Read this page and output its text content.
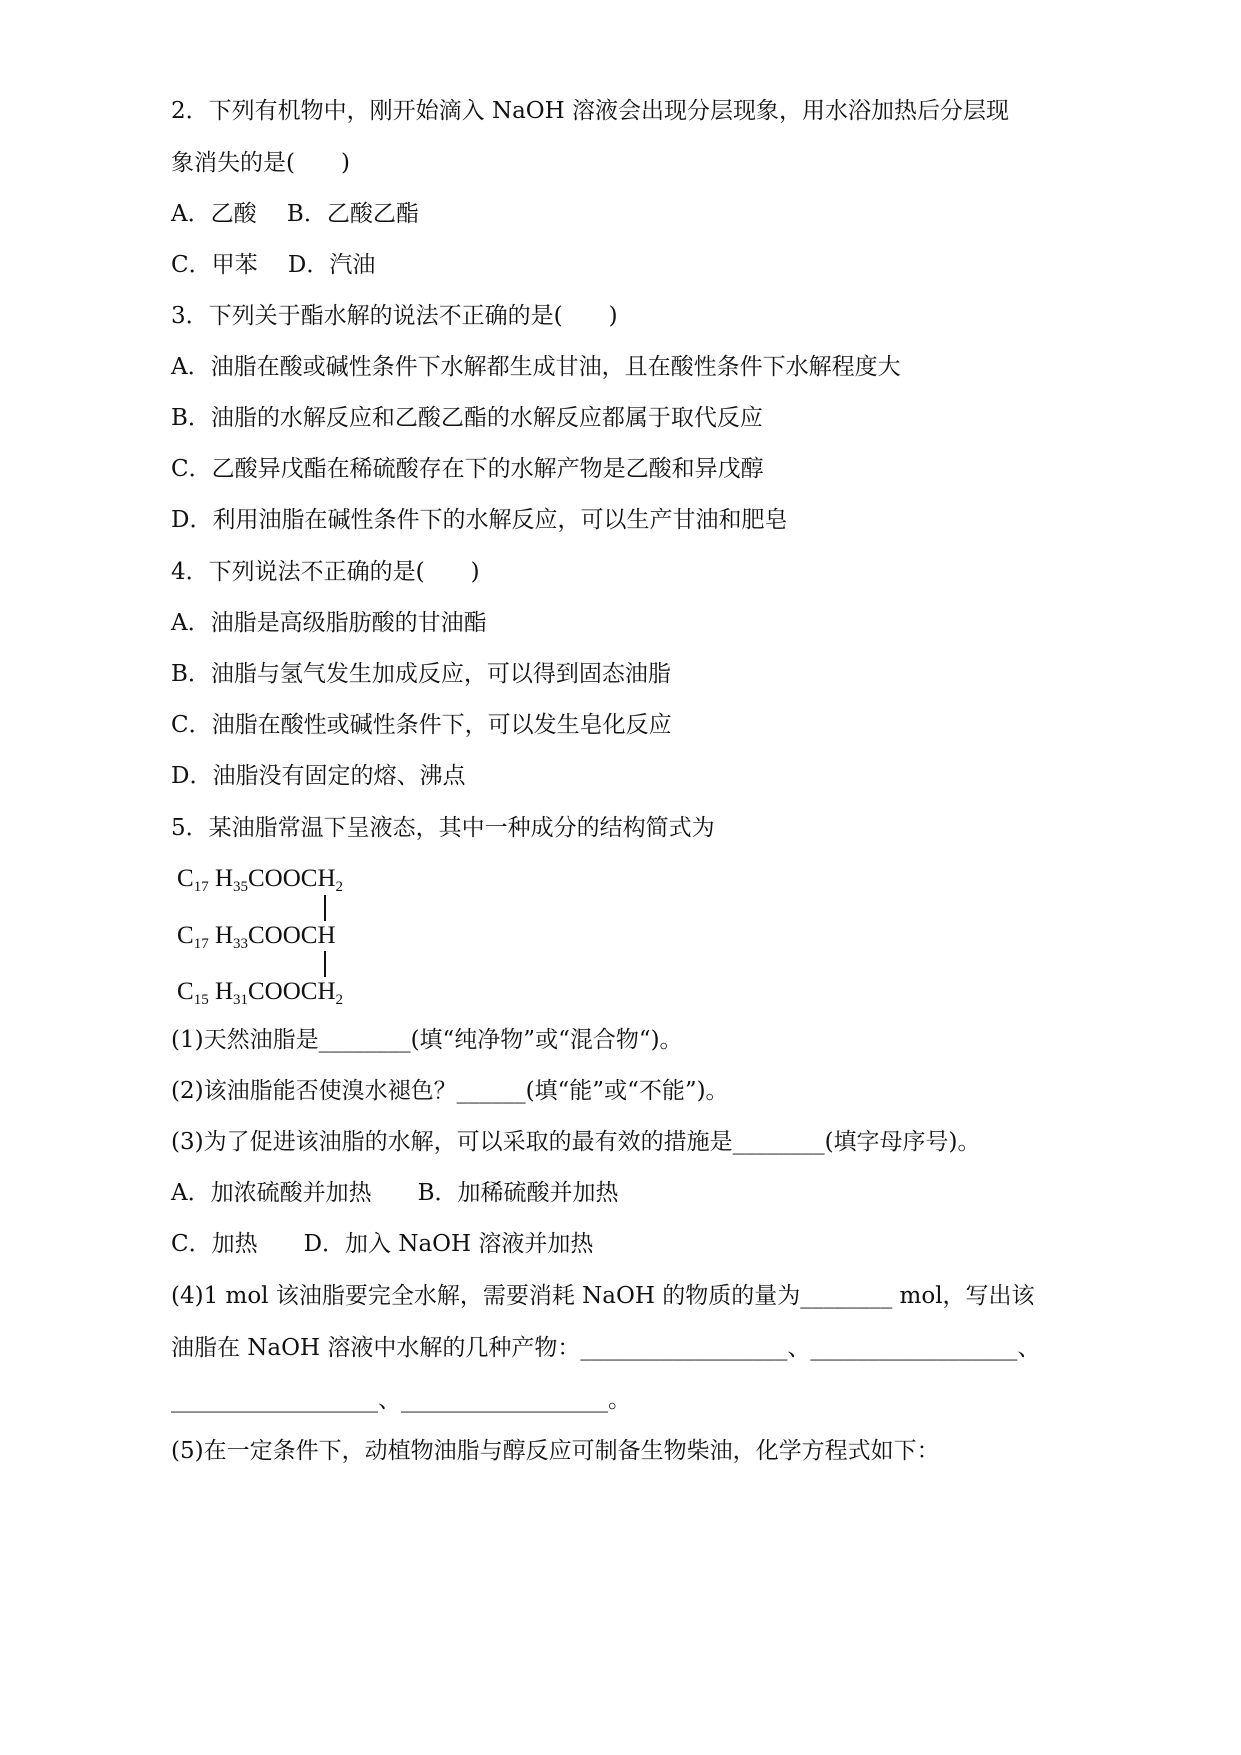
2．下列有机物中，刚开始滴入 NaOH 溶液会出现分层现象，用水浴加热后分层现
象消失的是(　　)
A．乙酸　 B．乙酸乙酯
C．甲苯　 D．汽油
3．下列关于酯水解的说法不正确的是(　　)
A．油脂在酸或碱性条件下水解都生成甘油，且在酸性条件下水解程度大
B．油脂的水解反应和乙酸乙酯的水解反应都属于取代反应
C．乙酸异戊酯在稀硫酸存在下的水解产物是乙酸和异戊醇
D．利用油脂在碱性条件下的水解反应，可以生产甘油和肥皂
4．下列说法不正确的是(　　)
A．油脂是高级脂肪酸的甘油酯
B．油脂与氢气发生加成反应，可以得到固态油脂
C．油脂在酸性或碱性条件下，可以发生皂化反应
D．油脂没有固定的熔、沸点
5．某油脂常温下呈液态，其中一种成分的结构简式为
$C_{17}$ $H_{35}COOCH_2$
$C_{17}$ $H_{33}COOCH$
$C_{15}$ $H_{31}COOCH_2$
(1)天然油脂是________(填“纯净物”或“混合物“)。
(2)该油脂能否使溴水褪色？______(填“能”或“不能”)。
(3)为了促进该油脂的水解，可以采取的最有效的措施是________(填字母序号)。
A．加浓硫酸并加热　　B．加稀硫酸并加热
C．加热　　D．加入 NaOH 溶液并加热
(4)1 mol 该油脂要完全水解，需要消耗 NaOH 的物质的量为________ mol，写出该
油脂在 NaOH 溶液中水解的几种产物：__________________、__________________、
__________________、__________________。
(5)在一定条件下，动植物油脂与醇反应可制备生物柴油，化学方程式如下：
